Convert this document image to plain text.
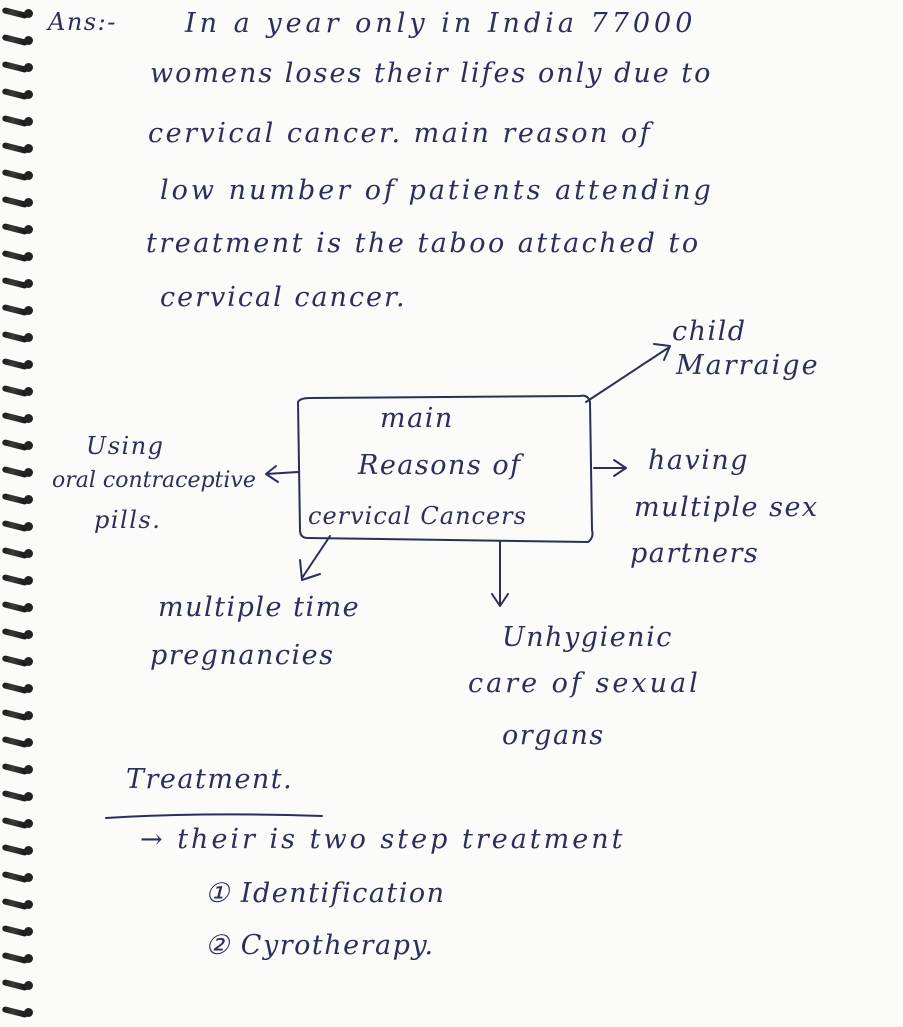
Ans:-	In a year only in India 77000
womens loses their lifes only due to
cervical cancer. main reason of
low number of patients attending
treatment is the taboo attached to
cervical cancer.
main
Reasons of
cervical Cancers
child
Marraige
having
multiple sex
partners
Using
oral contraceptive
pills.
multiple time
pregnancies
Unhygienic
care of sexual
organs
Treatment.
→ their is two step treatment
① Identification
② Cyrotherapy.
